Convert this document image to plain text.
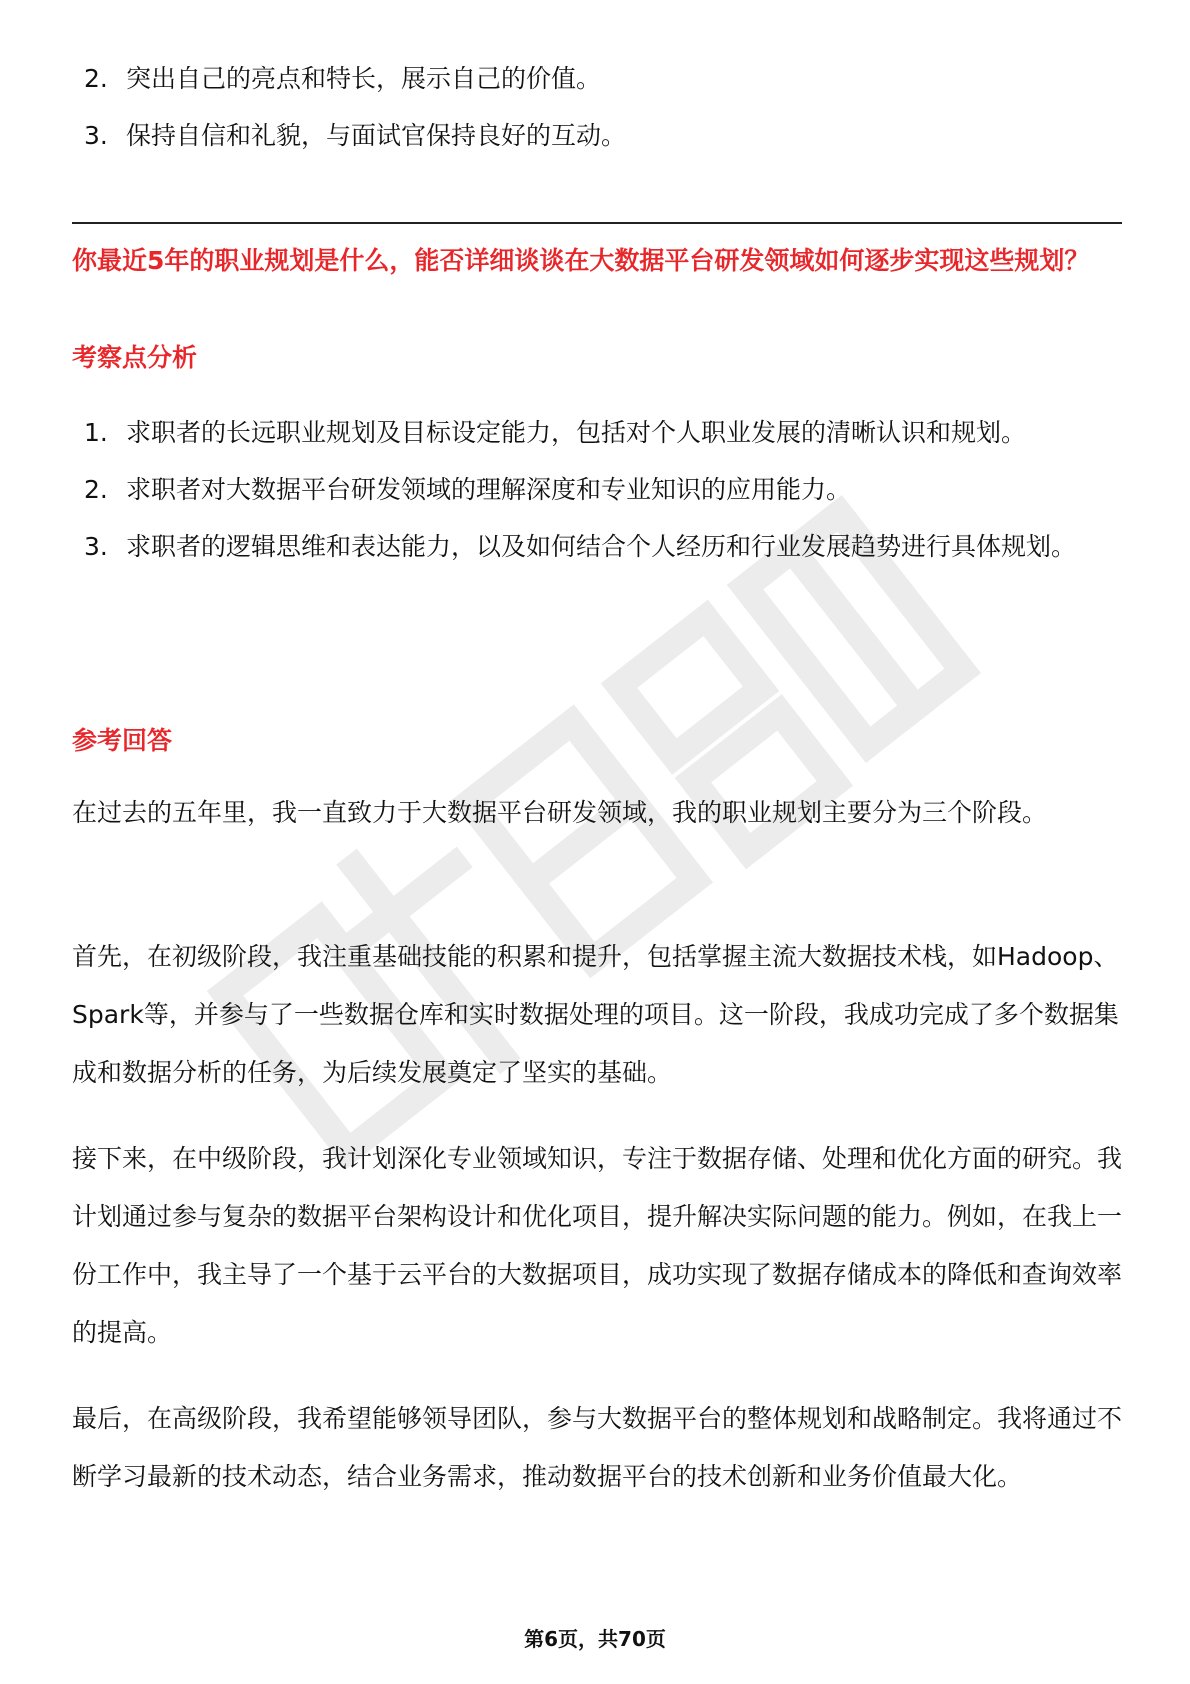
2. 突出自己的亮点和特长，展示自己的价值。
3. 保持自信和礼貌，与面试官保持良好的互动。

你最近5年的职业规划是什么，能否详细谈谈在大数据平台研发领域如何逐步实现这些规划？

考察点分析

1. 求职者的长远职业规划及目标设定能力，包括对个人职业发展的清晰认识和规划。
2. 求职者对大数据平台研发领域的理解深度和专业知识的应用能力。
3. 求职者的逻辑思维和表达能力，以及如何结合个人经历和行业发展趋势进行具体规划。

参考回答

在过去的五年里，我一直致力于大数据平台研发领域，我的职业规划主要分为三个阶段。

首先，在初级阶段，我注重基础技能的积累和提升，包括掌握主流大数据技术栈，如Hadoop、Spark等，并参与了一些数据仓库和实时数据处理的项目。这一阶段，我成功完成了多个数据集成和数据分析的任务，为后续发展奠定了坚实的基础。

接下来，在中级阶段，我计划深化专业领域知识，专注于数据存储、处理和优化方面的研究。我计划通过参与复杂的数据平台架构设计和优化项目，提升解决实际问题的能力。例如，在我上一份工作中，我主导了一个基于云平台的大数据项目，成功实现了数据存储成本的降低和查询效率的提高。

最后，在高级阶段，我希望能够领导团队，参与大数据平台的整体规划和战略制定。我将通过不断学习最新的技术动态，结合业务需求，推动数据平台的技术创新和业务价值最大化。

第6页，共70页
